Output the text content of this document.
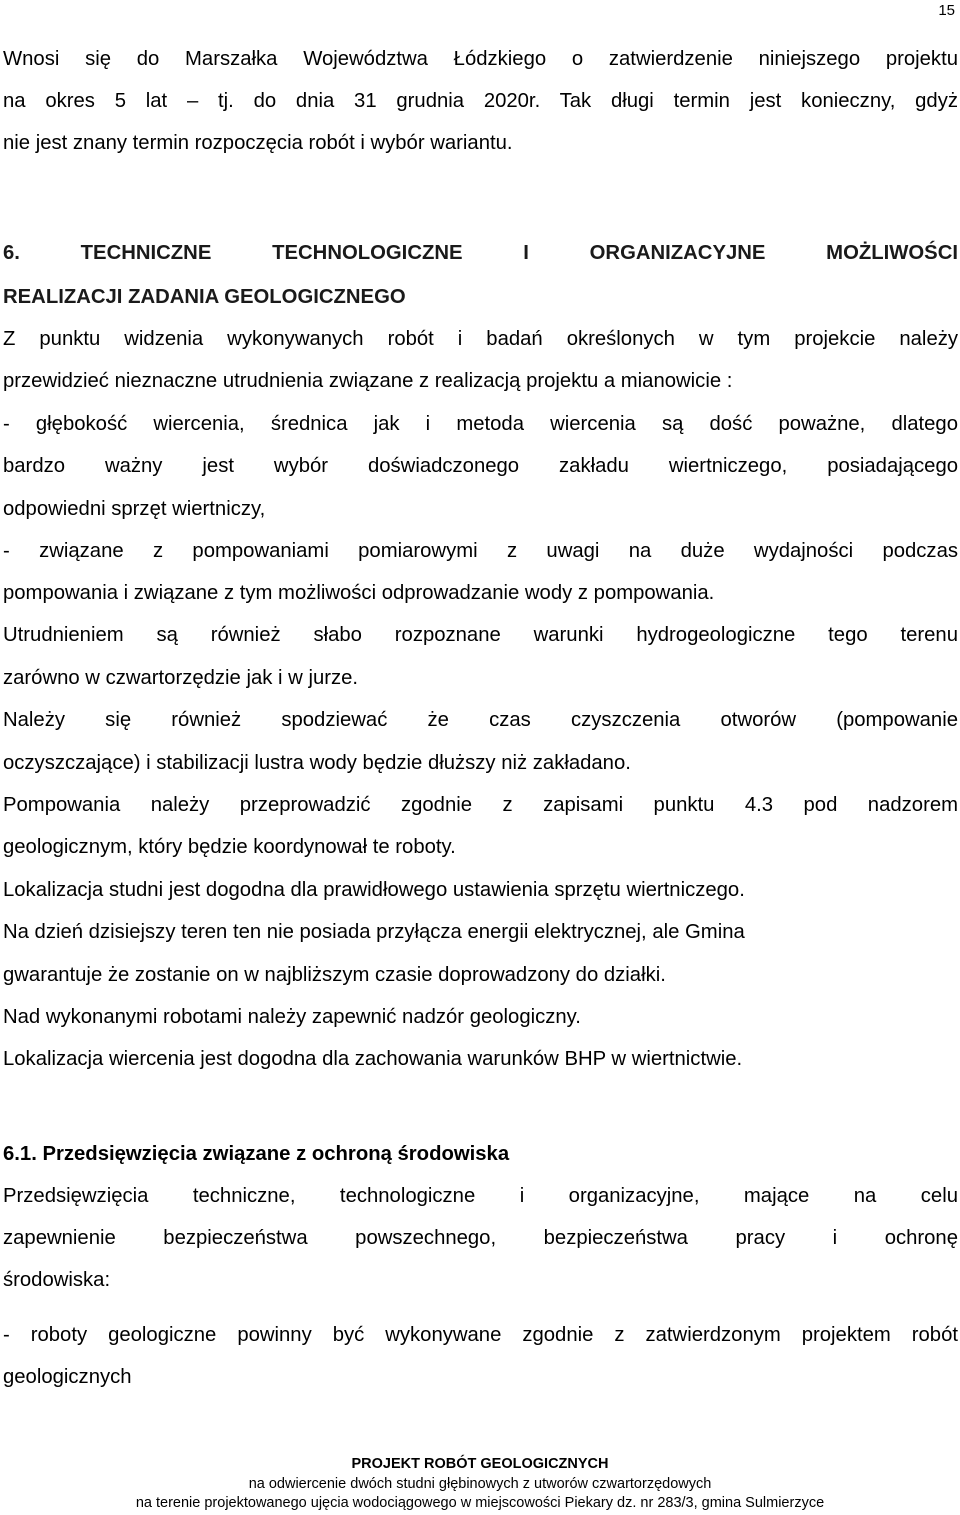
15
Wnosi się do Marszałka Województwa Łódzkiego o zatwierdzenie niniejszego projektu
na okres 5 lat – tj. do dnia 31 grudnia 2020r. Tak długi termin jest konieczny, gdyż
nie jest znany termin rozpoczęcia robót i wybór wariantu.
6. TECHNICZNE TECHNOLOGICZNE I ORGANIZACYJNE MOŻLIWOŚCI
REALIZACJI ZADANIA GEOLOGICZNEGO
Z punktu widzenia wykonywanych robót i badań określonych w tym projekcie należy
przewidzieć nieznaczne utrudnienia związane z realizacją projektu a mianowicie :
- głębokość wiercenia, średnica jak i metoda wiercenia są dość poważne, dlatego
bardzo ważny jest wybór doświadczonego zakładu wiertniczego, posiadającego
odpowiedni sprzęt wiertniczy,
- związane z pompowaniami pomiarowymi z uwagi na duże wydajności podczas
pompowania i związane z tym możliwości odprowadzanie wody z pompowania.
Utrudnieniem są również słabo rozpoznane warunki hydrogeologiczne tego terenu
zarówno w czwartorzędzie jak i w jurze.
Należy się również spodziewać że czas czyszczenia otworów (pompowanie
oczyszczające) i stabilizacji lustra wody będzie dłuższy niż zakładano.
Pompowania należy przeprowadzić zgodnie z zapisami punktu 4.3 pod nadzorem
geologicznym, który będzie koordynował te roboty.
Lokalizacja studni jest dogodna dla prawidłowego ustawienia sprzętu wiertniczego.
Na dzień dzisiejszy teren ten nie posiada przyłącza energii elektrycznej, ale Gmina
gwarantuje że zostanie on w najbliższym czasie doprowadzony do działki.
Nad wykonanymi robotami należy zapewnić nadzór geologiczny.
Lokalizacja wiercenia jest dogodna dla zachowania warunków BHP w wiertnictwie.
6.1. Przedsięwzięcia związane z ochroną środowiska
Przedsięwzięcia techniczne, technologiczne i organizacyjne, mające na celu
zapewnienie bezpieczeństwa powszechnego, bezpieczeństwa pracy i ochronę
środowiska:
- roboty geologiczne powinny być wykonywane zgodnie z zatwierdzonym projektem robót
geologicznych
PROJEKT ROBÓT GEOLOGICZNYCH
na odwiercenie dwóch studni głębinowych z utworów czwartorzędowych
na terenie projektowanego ujęcia wodociągowego w miejscowości Piekary dz. nr 283/3, gmina Sulmierzyce
